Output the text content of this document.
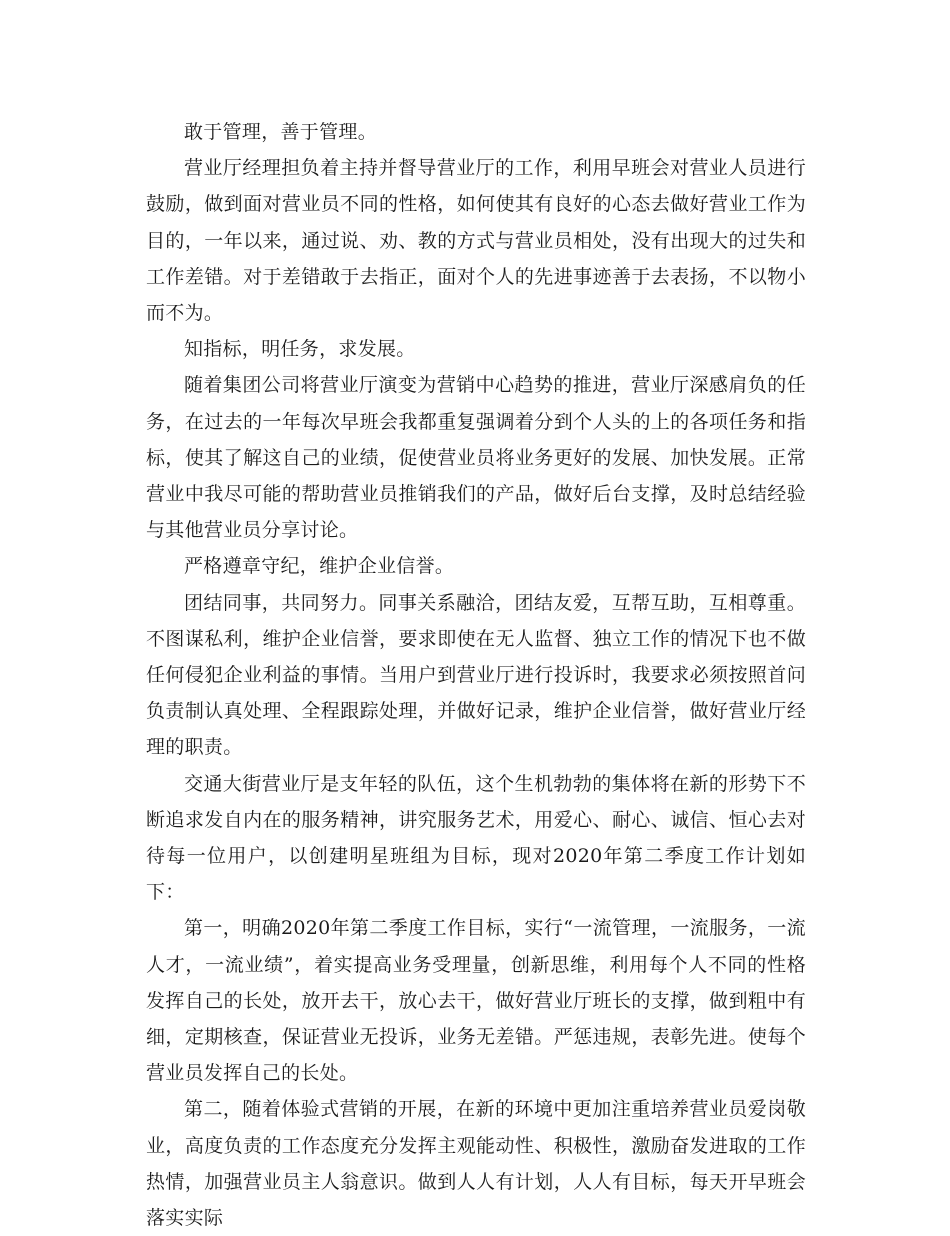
敢于管理，善于管理。

营业厅经理担负着主持并督导营业厅的工作，利用早班会对营业人员进行鼓励，做到面对营业员不同的性格，如何使其有良好的心态去做好营业工作为目的，一年以来，通过说、劝、教的方式与营业员相处，没有出现大的过失和工作差错。对于差错敢于去指正，面对个人的先进事迹善于去表扬，不以物小而不为。

知指标，明任务，求发展。

随着集团公司将营业厅演变为营销中心趋势的推进，营业厅深感肩负的任务，在过去的一年每次早班会我都重复强调着分到个人头的上的各项任务和指标，使其了解这自己的业绩，促使营业员将业务更好的发展、加快发展。正常营业中我尽可能的帮助营业员推销我们的产品，做好后台支撑，及时总结经验与其他营业员分享讨论。

严格遵章守纪，维护企业信誉。

团结同事，共同努力。同事关系融洽，团结友爱，互帮互助，互相尊重。不图谋私利，维护企业信誉，要求即使在无人监督、独立工作的情况下也不做任何侵犯企业利益的事情。当用户到营业厅进行投诉时，我要求必须按照首问负责制认真处理、全程跟踪处理，并做好记录，维护企业信誉，做好营业厅经理的职责。

交通大街营业厅是支年轻的队伍，这个生机勃勃的集体将在新的形势下不断追求发自内在的服务精神，讲究服务艺术，用爱心、耐心、诚信、恒心去对待每一位用户，以创建明星班组为目标，现对2020年第二季度工作计划如下：

第一，明确2020年第二季度工作目标，实行“一流管理，一流服务，一流人才，一流业绩”，着实提高业务受理量，创新思维，利用每个人不同的性格发挥自己的长处，放开去干，放心去干，做好营业厅班长的支撑，做到粗中有细，定期核查，保证营业无投诉，业务无差错。严惩违规，表彰先进。使每个营业员发挥自己的长处。

第二，随着体验式营销的开展，在新的环境中更加注重培养营业员爱岗敬业，高度负责的工作态度充分发挥主观能动性、积极性，激励奋发进取的工作热情，加强营业员主人翁意识。做到人人有计划，人人有目标，每天开早班会落实实际
